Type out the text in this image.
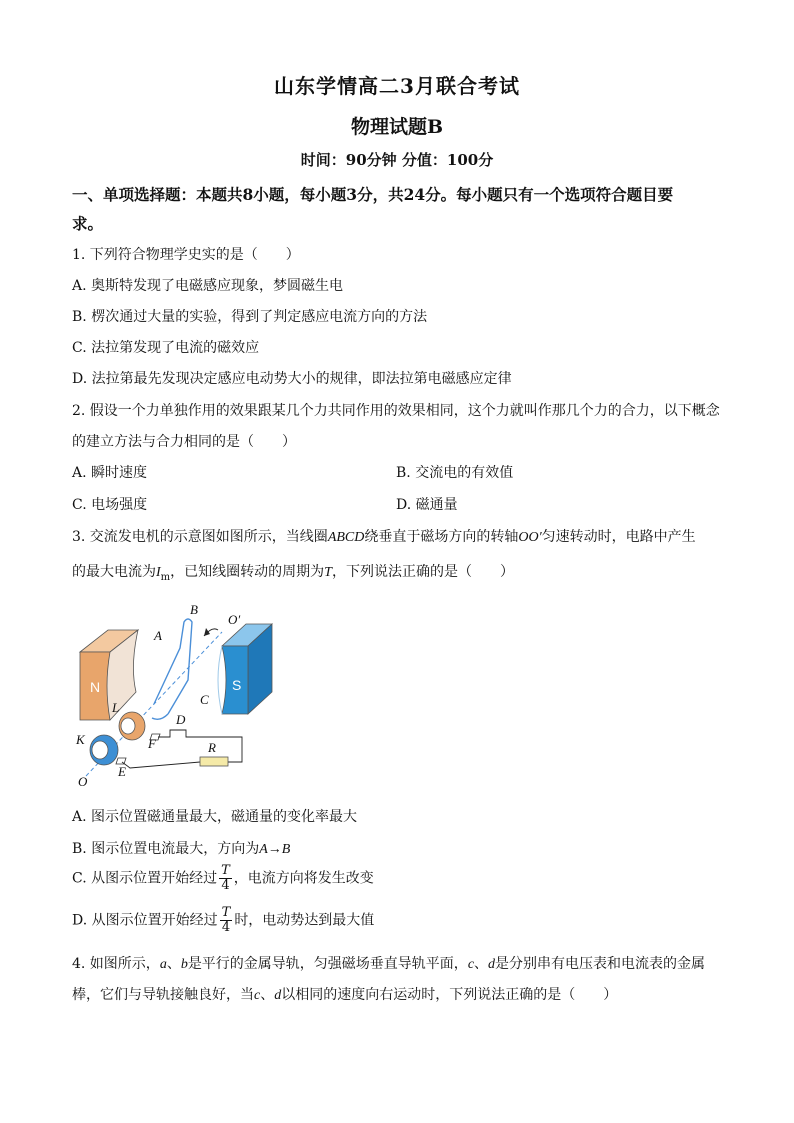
山东学情高二3月联合考试
物理试题B
时间：90分钟 分值：100分
一、单项选择题：本题共8小题，每小题3分，共24分。每小题只有一个选项符合题目要
求。
1. 下列符合物理学史实的是（　　）
A. 奥斯特发现了电磁感应现象，梦圆磁生电
B. 楞次通过大量的实验，得到了判定感应电流方向的方法
C. 法拉第发现了电流的磁效应
D. 法拉第最先发现决定感应电动势大小的规律，即法拉第电磁感应定律
2. 假设一个力单独作用的效果跟某几个力共同作用的效果相同，这个力就叫作那几个力的合力，以下概念
的建立方法与合力相同的是（　　）
A. 瞬时速度	B. 交流电的有效值
C. 电场强度	D. 磁通量
3. 交流发电机的示意图如图所示，当线圈ABCD绕垂直于磁场方向的转轴OO′匀速转动时，电路中产生
的最大电流为$I_m$，已知线圈转动的周期为T，下列说法正确的是（　　）
N	S
B
A
O′
C
D
L
K	F	R
E
O
A. 图示位置磁通量最大，磁通量的变化率最大
B. 图示位置电流最大，方向为A→B
C. 从图示位置开始经过 $\frac{T}{4}$ ，电流方向将发生改变
D. 从图示位置开始经过 $\frac{T}{4}$ 时，电动势达到最大值
4. 如图所示，a、b是平行的金属导轨，匀强磁场垂直导轨平面，c、d是分别串有电压表和电流表的金属
棒，它们与导轨接触良好，当c、d以相同的速度向右运动时，下列说法正确的是（　　）
